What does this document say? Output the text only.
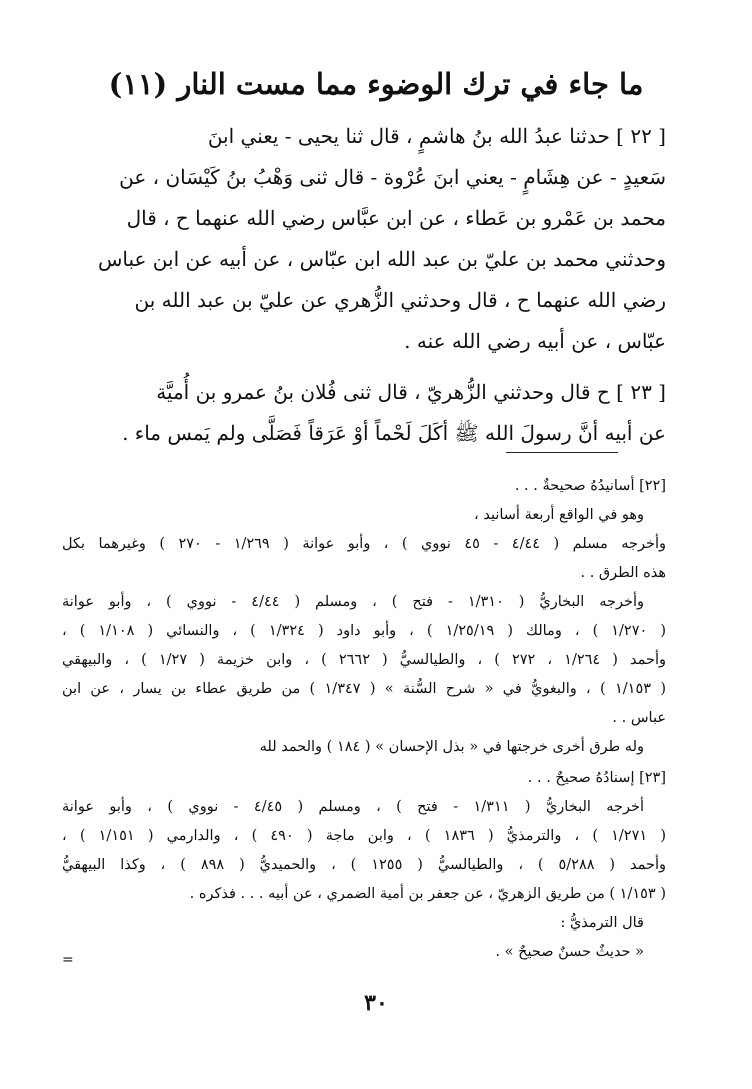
(١١) ما جاء في ترك الوضوء مما مست النار

[ ٢٢ ] حدثنا عبدُ الله بنُ هاشمٍ ، قال ثنا يحيى - يعني ابنَ

سَعيدٍ - عن هِشَامٍ - يعني ابنَ عُرْوة - قال ثنى وَهْبُ بنُ كَيْسَان ، عن

محمد بن عَمْرو بن عَطاء ، عن ابن عبَّاس رضي الله عنهما ح ، قال

وحدثني محمد بن عليّ بن عبد الله ابن عبّاس ، عن أبيه عن ابن عباس

رضي الله عنهما ح ، قال وحدثني الزُّهري عن عليّ بن عبد الله بن

عبّاس ، عن أبيه رضي الله عنه .

[ ٢٣ ] ح قال وحدثني الزُّهريّ ، قال ثنى فُلان بنُ عمرو بن أُميَّة

عن أبيه أنَّ رسولَ الله ﷺ أكَلَ لَحْماً أوْ عَرَقاً فَصَلَّى ولم يَمس ماء .

[٢٢] أسانيدُهُ صحيحةٌ . . .

وهو في الواقع أربعة أسانيد ،

وأخرجه مسلم ( ٤/٤٤ - ٤٥ نووي ) ، وأبو عوانة ( ١/٢٦٩ - ٢٧٠ ) وغيرهما بكل

هذه الطرق . .

وأخرجه البخاريُّ ( ١/٣١٠ - فتح ) ، ومسلم ( ٤/٤٤ - نووي ) ، وأبو عوانة

( ١/٢٧٠ ) ، ومالك ( ١/٢٥/١٩ ) ، وأبو داود ( ١/٣٢٤ ) ، والنسائي ( ١/١٠٨ ) ،

وأحمد ( ١/٢٦٤ ، ٢٧٢ ) ، والطيالسيُّ ( ٢٦٦٢ ) ، وابن خزيمة ( ١/٢٧ ) ، والبيهقي

( ١/١٥٣ ) ، والبغويُّ في « شرح السُّنة » ( ١/٣٤٧ ) من طريق عطاء بن يسار ، عن ابن

عباس . .

وله طرق أخرى خرجتها في « بذل الإحسان » ( ١٨٤ ) والحمد لله

[٢٣] إسنادُهُ صحيحٌ . . .

أخرجه البخاريُّ ( ١/٣١١ - فتح ) ، ومسلم ( ٤/٤٥ - نووي ) ، وأبو عوانة

( ١/٢٧١ ) ، والترمذيُّ ( ١٨٣٦ ) ، وابن ماجة ( ٤٩٠ ) ، والدارمي ( ١/١٥١ ) ،

وأحمد ( ٥/٢٨٨ ) ، والطيالسيُّ ( ١٢٥٥ ) ، والحميديُّ ( ٨٩٨ ) ، وكذا البيهقيُّ

( ١/١٥٣ ) من طريق الزهريّ ، عن جعفر بن أمية الضمري ، عن أبيه . . . فذكره .

قال الترمذيُّ :

« حديثٌ حسنٌ صحيحٌ » .

=
٣٠
